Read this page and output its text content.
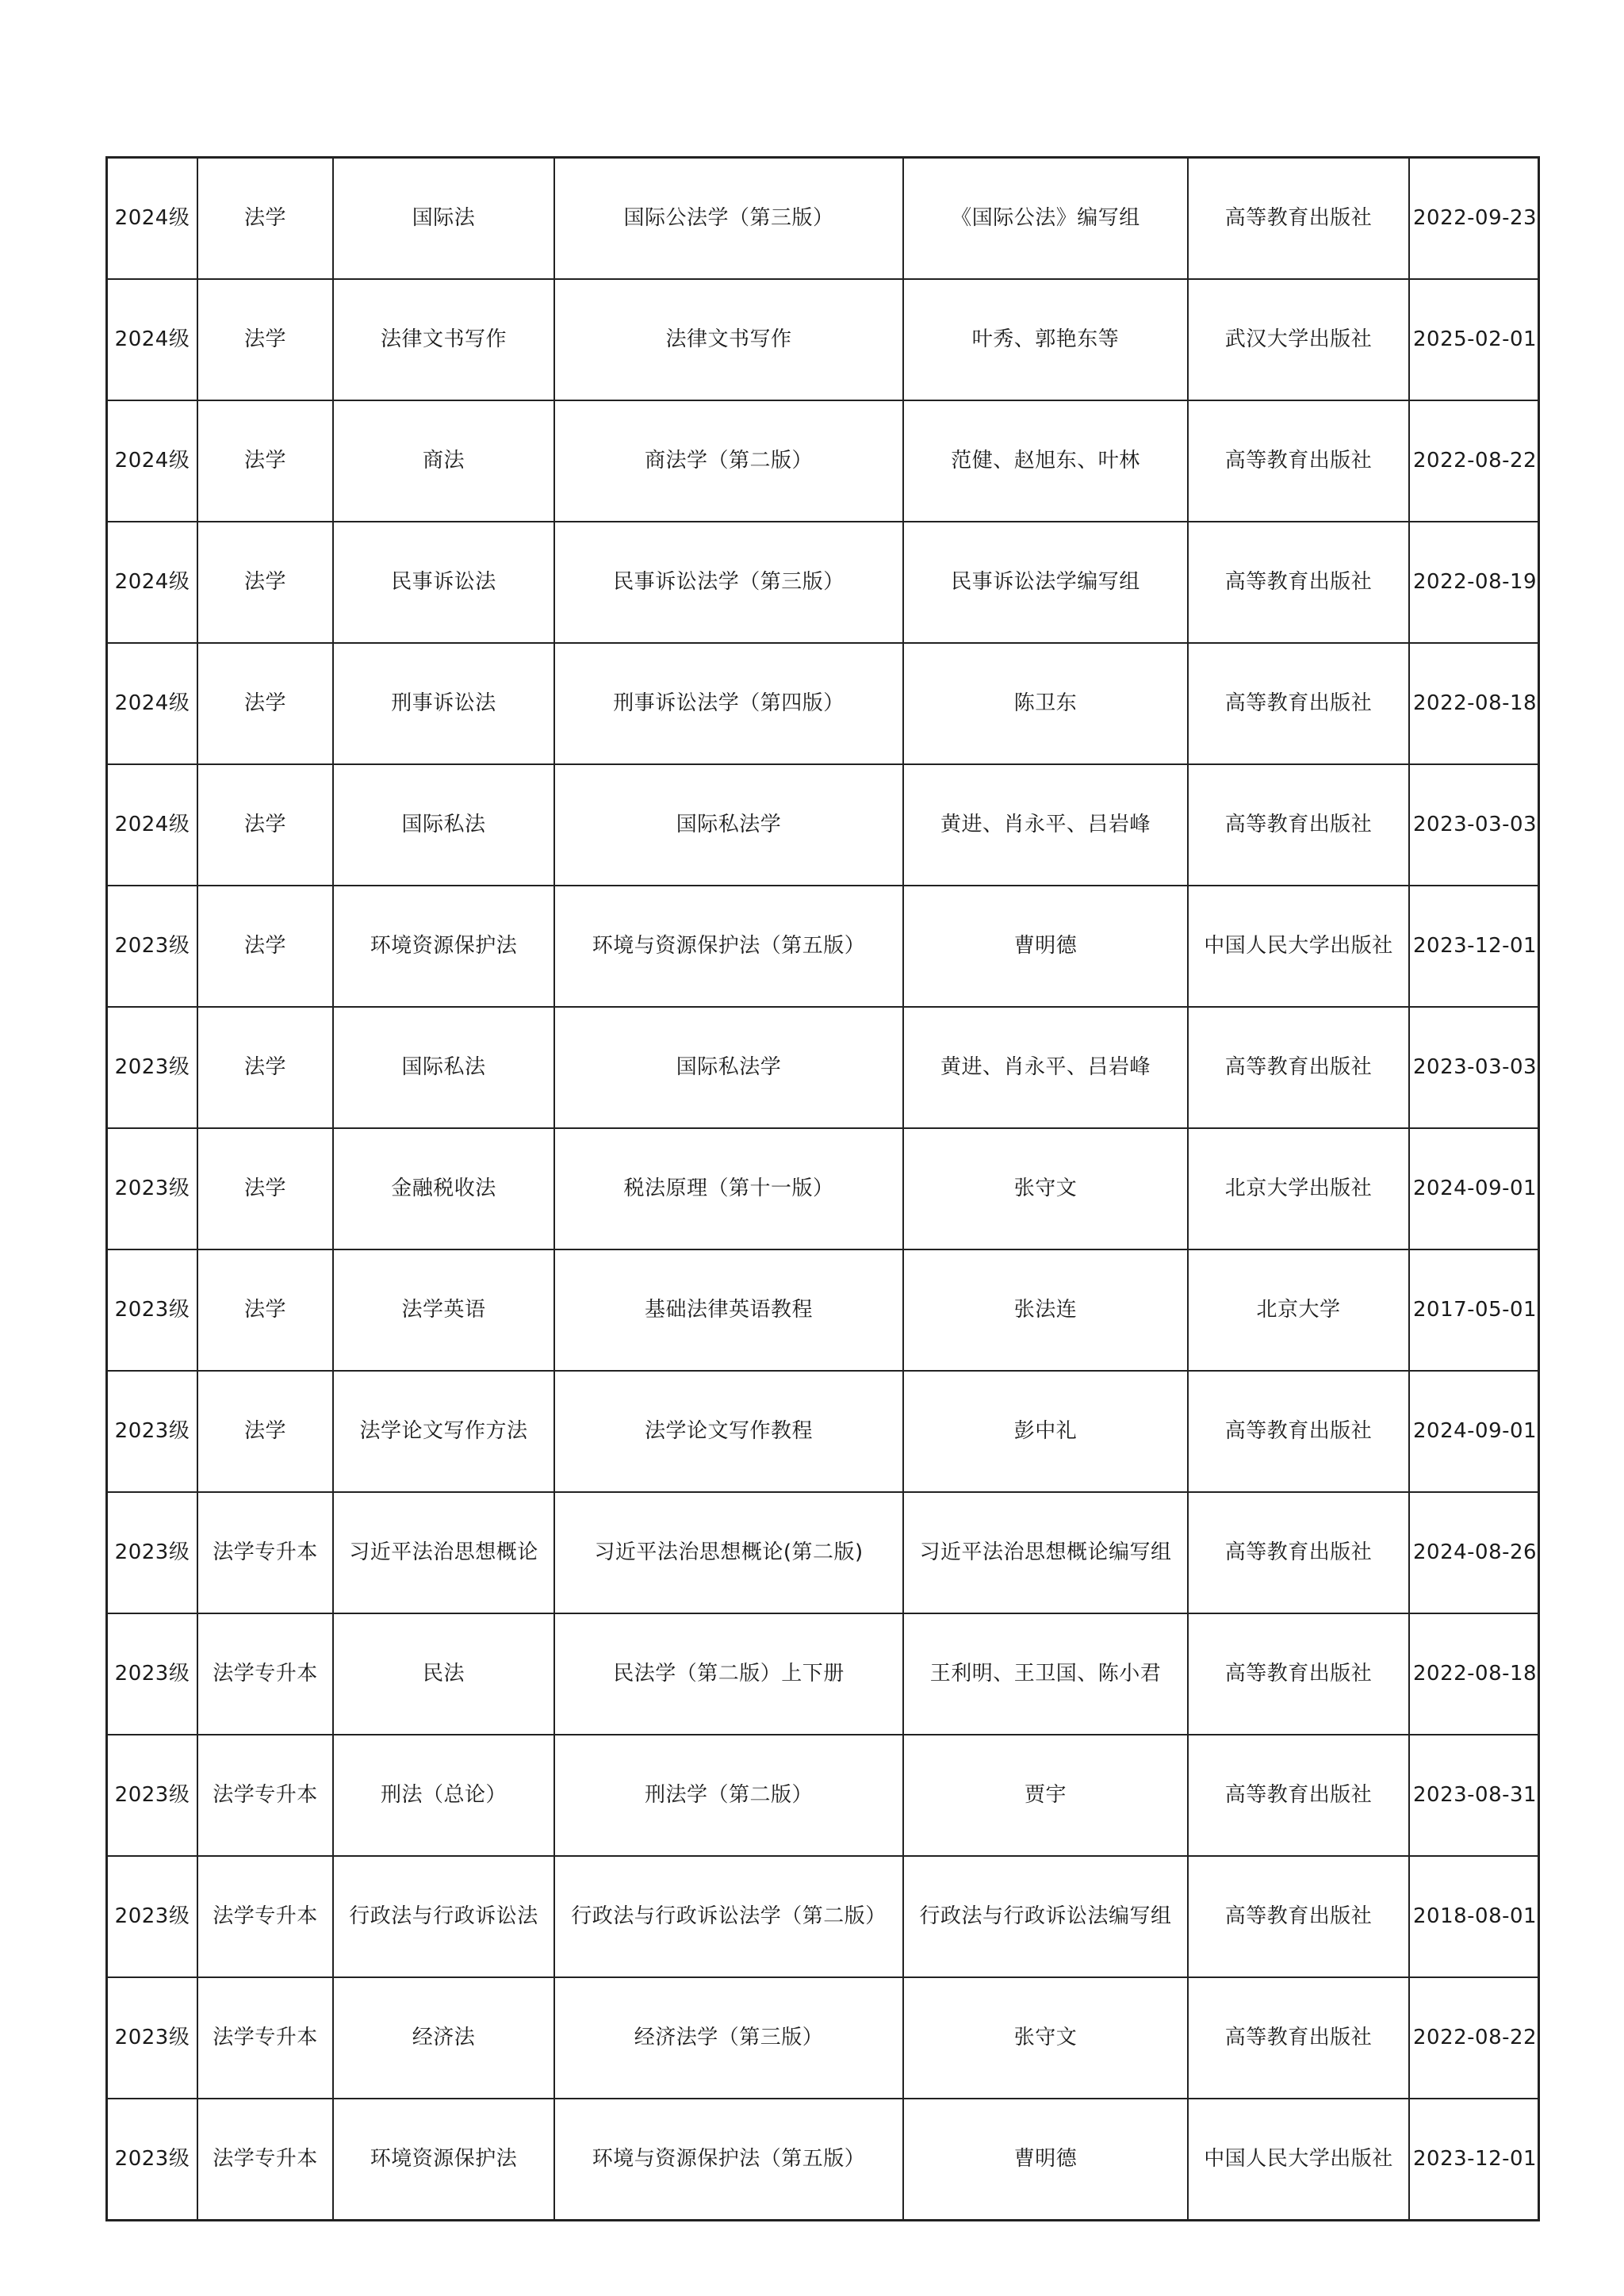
2024级	法学	国际法	国际公法学（第三版）	《国际公法》编写组	高等教育出版社	2022-09-23
2024级	法学	法律文书写作	法律文书写作	叶秀、郭艳东等	武汉大学出版社	2025-02-01
2024级	法学	商法	商法学（第二版）	范健、赵旭东、叶林	高等教育出版社	2022-08-22
2024级	法学	民事诉讼法	民事诉讼法学（第三版）	民事诉讼法学编写组	高等教育出版社	2022-08-19
2024级	法学	刑事诉讼法	刑事诉讼法学（第四版）	陈卫东	高等教育出版社	2022-08-18
2024级	法学	国际私法	国际私法学	黄进、肖永平、吕岩峰	高等教育出版社	2023-03-03
2023级	法学	环境资源保护法	环境与资源保护法（第五版）	曹明德	中国人民大学出版社	2023-12-01
2023级	法学	国际私法	国际私法学	黄进、肖永平、吕岩峰	高等教育出版社	2023-03-03
2023级	法学	金融税收法	税法原理（第十一版）	张守文	北京大学出版社	2024-09-01
2023级	法学	法学英语	基础法律英语教程	张法连	北京大学	2017-05-01
2023级	法学	法学论文写作方法	法学论文写作教程	彭中礼	高等教育出版社	2024-09-01
2023级	法学专升本	习近平法治思想概论	习近平法治思想概论(第二版)	习近平法治思想概论编写组	高等教育出版社	2024-08-26
2023级	法学专升本	民法	民法学（第二版）上下册	王利明、王卫国、陈小君	高等教育出版社	2022-08-18
2023级	法学专升本	刑法（总论）	刑法学（第二版）	贾宇	高等教育出版社	2023-08-31
2023级	法学专升本	行政法与行政诉讼法	行政法与行政诉讼法学（第二版）	行政法与行政诉讼法编写组	高等教育出版社	2018-08-01
2023级	法学专升本	经济法	经济法学（第三版）	张守文	高等教育出版社	2022-08-22
2023级	法学专升本	环境资源保护法	环境与资源保护法（第五版）	曹明德	中国人民大学出版社	2023-12-01
